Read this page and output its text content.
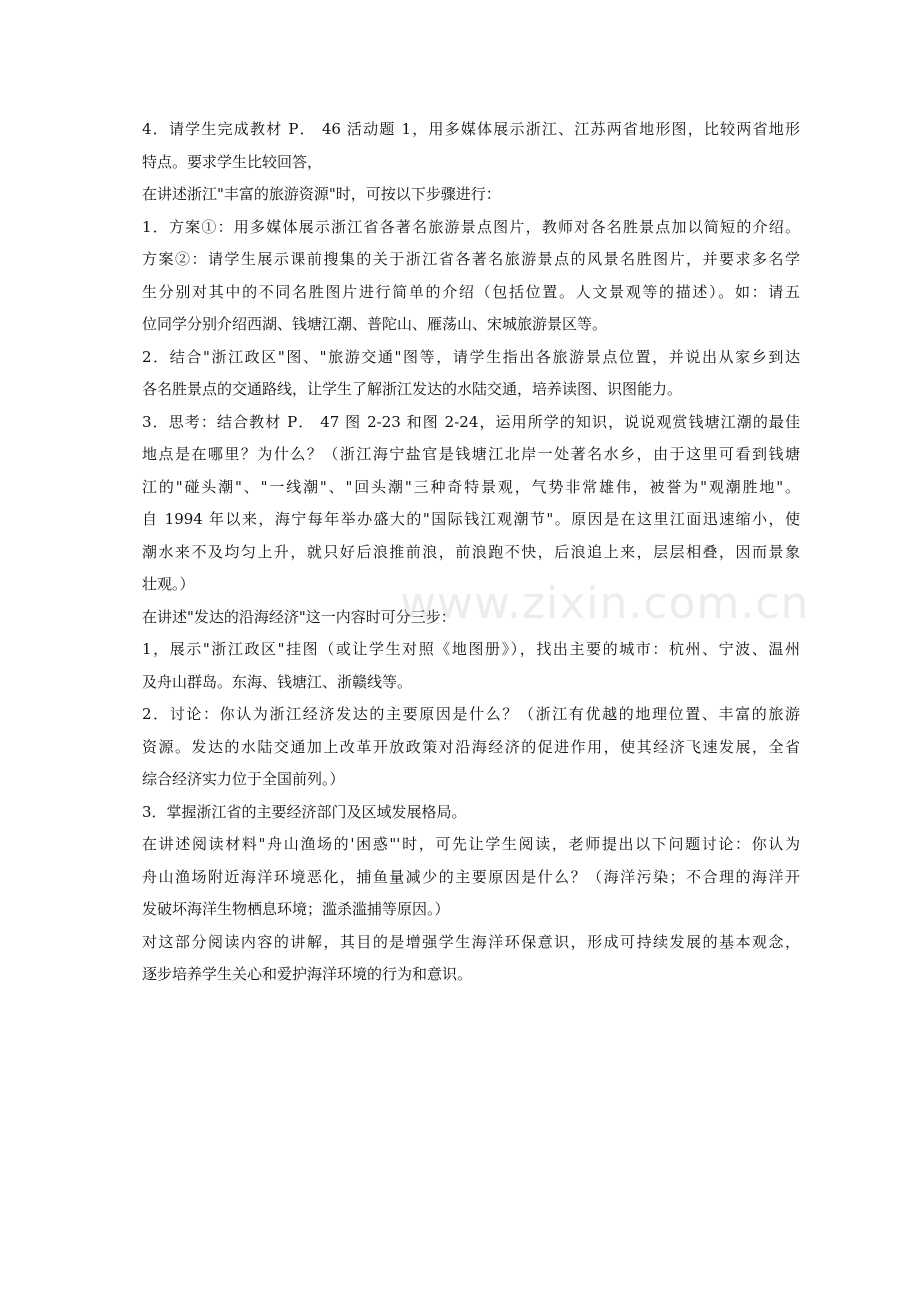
4．请学生完成教材 P． 46 活动题 1，用多媒体展示浙江、江苏两省地形图，比较两省地形
特点。要求学生比较回答，
在讲述浙江"丰富的旅游资源"时，可按以下步骤进行：
1．方案①：用多媒体展示浙江省各著名旅游景点图片，教师对各名胜景点加以简短的介绍。
方案②：请学生展示课前搜集的关于浙江省各著名旅游景点的风景名胜图片，并要求多名学
生分别对其中的不同名胜图片进行简单的介绍（包括位置。人文景观等的描述）。如：请五
位同学分别介绍西湖、钱塘江潮、普陀山、雁荡山、宋城旅游景区等。
2．结合"浙江政区"图、"旅游交通"图等，请学生指出各旅游景点位置，并说出从家乡到达
各名胜景点的交通路线，让学生了解浙江发达的水陆交通，培养读图、识图能力。
3．思考：结合教材 P． 47 图 2-23 和图 2-24，运用所学的知识，说说观赏钱塘江潮的最佳
地点是在哪里？为什么？（浙江海宁盐官是钱塘江北岸一处著名水乡，由于这里可看到钱塘
江的"碰头潮"、"一线潮"、"回头潮"三种奇特景观，气势非常雄伟，被誉为"观潮胜地"。
自 1994 年以来，海宁每年举办盛大的"国际钱江观潮节"。原因是在这里江面迅速缩小，使
潮水来不及均匀上升，就只好后浪推前浪，前浪跑不快，后浪追上来，层层相叠，因而景象
壮观。）
在讲述"发达的沿海经济"这一内容时可分三步：
1，展示"浙江政区"挂图（或让学生对照《地图册》），找出主要的城市：杭州、宁波、温州
及舟山群岛。东海、钱塘江、浙赣线等。
2．讨论：你认为浙江经济发达的主要原因是什么？（浙江有优越的地理位置、丰富的旅游
资源。发达的水陆交通加上改革开放政策对沿海经济的促进作用，使其经济飞速发展，全省
综合经济实力位于全国前列。）
3．掌握浙江省的主要经济部门及区域发展格局。
在讲述阅读材料"舟山渔场的'困惑"'时，可先让学生阅读，老师提出以下问题讨论：你认为
舟山渔场附近海洋环境恶化，捕鱼量减少的主要原因是什么？（海洋污染；不合理的海洋开
发破坏海洋生物栖息环境；滥杀滥捕等原因。）
对这部分阅读内容的讲解，其目的是增强学生海洋环保意识，形成可持续发展的基本观念，
逐步培养学生关心和爱护海洋环境的行为和意识。
www.zixin.com.cn
